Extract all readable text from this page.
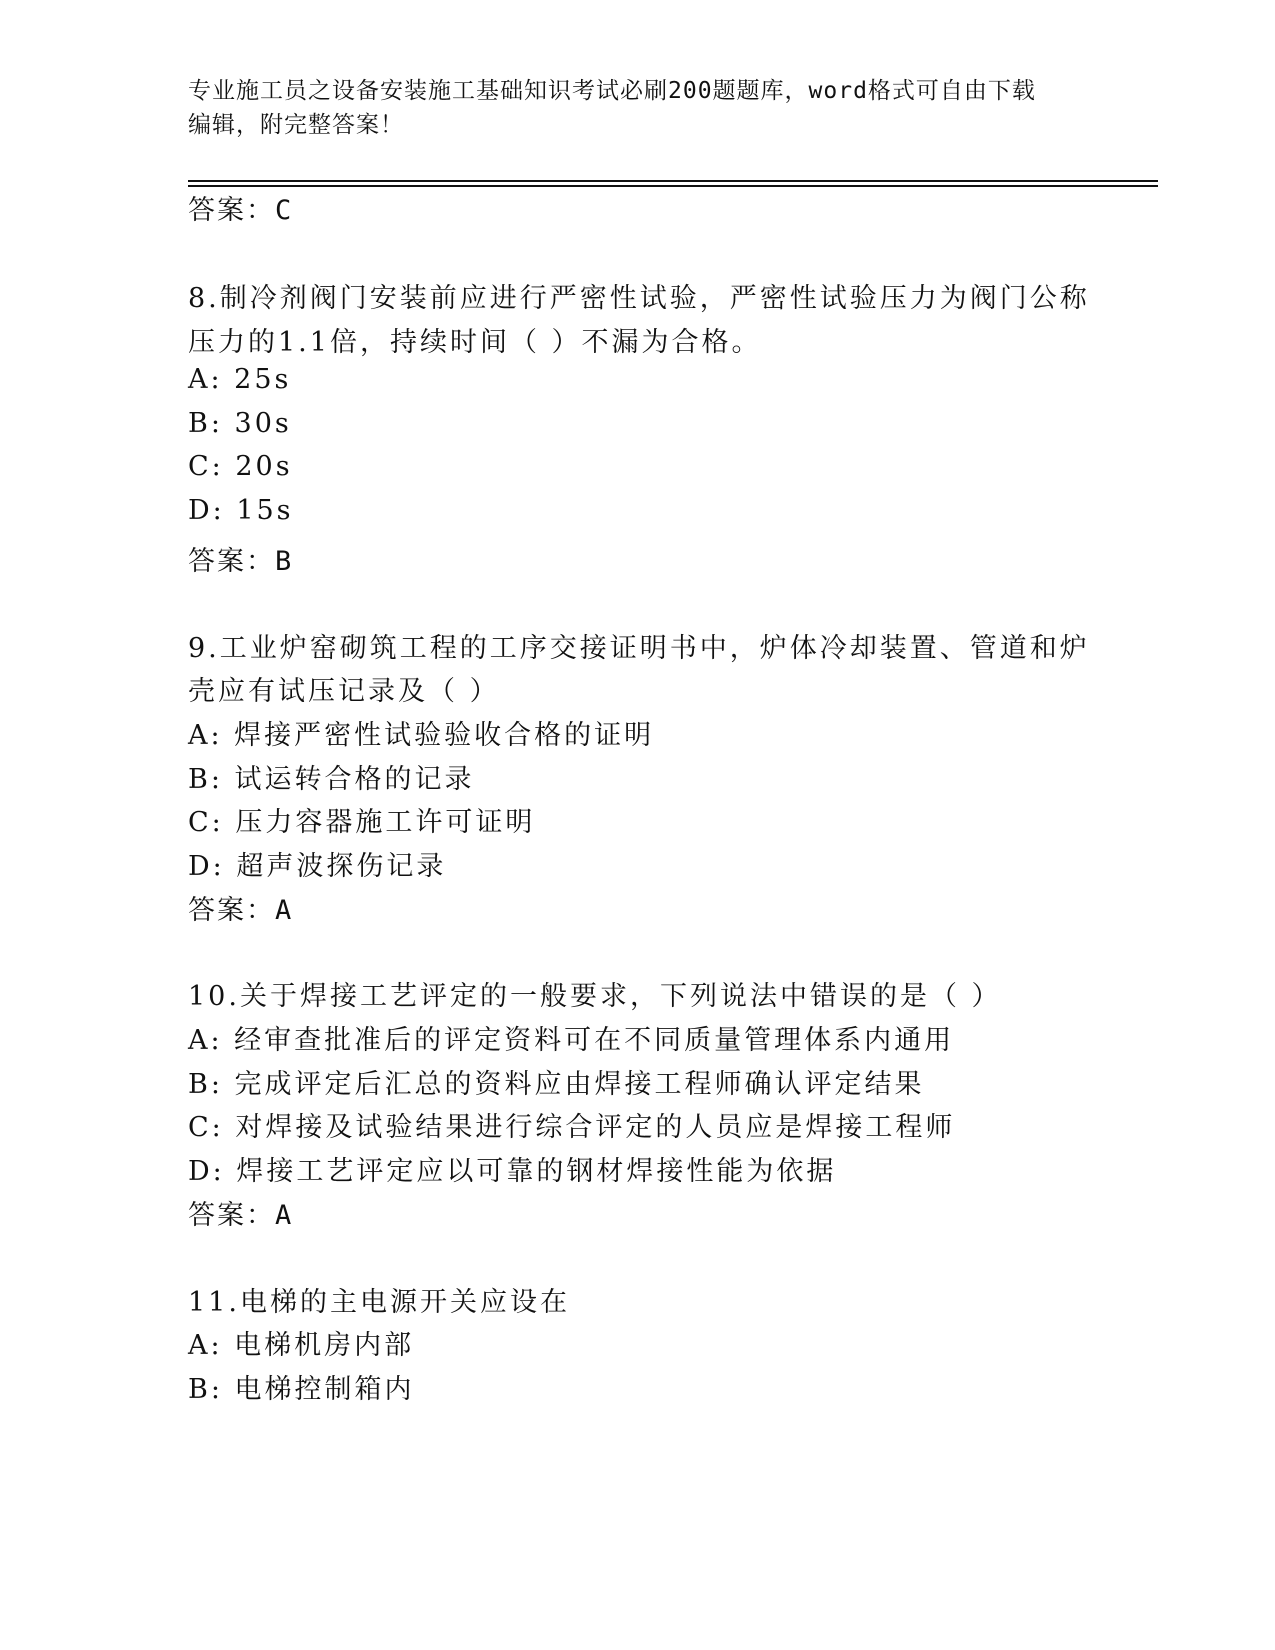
专业施工员之设备安装施工基础知识考试必刷200题题库，word格式可自由下载
编辑，附完整答案！
答案：C
8.制冷剂阀门安装前应进行严密性试验，严密性试验压力为阀门公称
压力的1.1倍，持续时间（ ）不漏为合格。
A: 25s
B: 30s
C: 20s
D: 15s
答案：B
9.工业炉窑砌筑工程的工序交接证明书中，炉体冷却装置、管道和炉
壳应有试压记录及（ ）
A: 焊接严密性试验验收合格的证明
B: 试运转合格的记录
C: 压力容器施工许可证明
D: 超声波探伤记录
答案：A
10.关于焊接工艺评定的一般要求，下列说法中错误的是（ ）
A: 经审查批准后的评定资料可在不同质量管理体系内通用
B: 完成评定后汇总的资料应由焊接工程师确认评定结果
C: 对焊接及试验结果进行综合评定的人员应是焊接工程师
D: 焊接工艺评定应以可靠的钢材焊接性能为依据
答案：A
11.电梯的主电源开关应设在
A: 电梯机房内部
B: 电梯控制箱内
